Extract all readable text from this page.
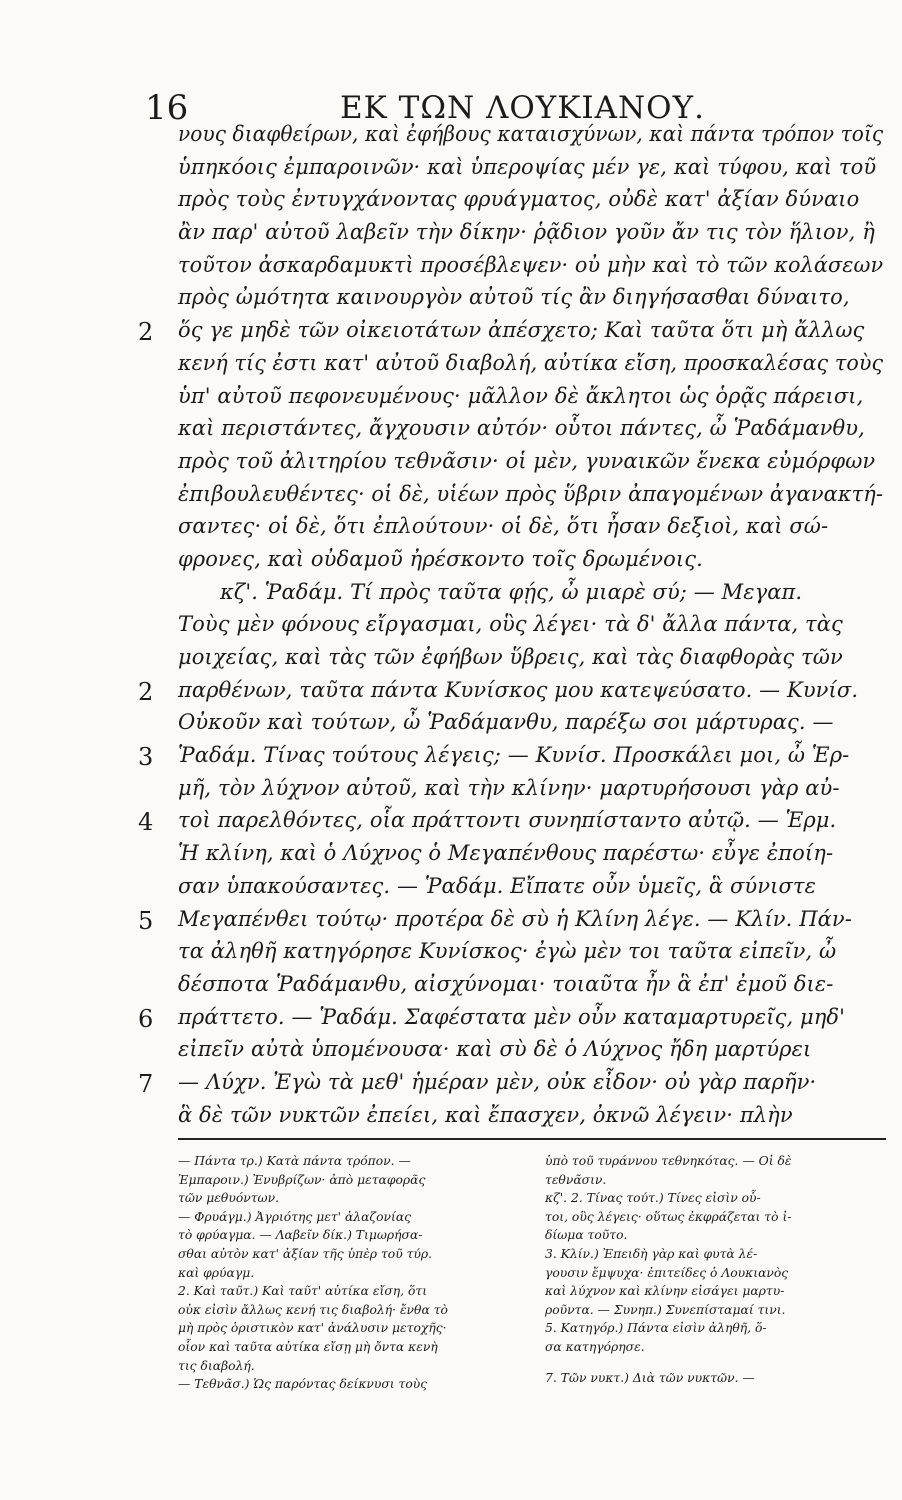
16	ΕΚ ΤΩΝ ΛΟΥΚΙΑΝΟΥ.
νους διαφθείρων, καὶ ἐφήβους καταισχύνων, καὶ πάντα τρόπον τοῖς
ὑπηκόοις ἐμπαροινῶν· καὶ ὑπεροψίας μέν γε, καὶ τύφου, καὶ τοῦ
πρὸς τοὺς ἐντυγχάνοντας φρυάγματος, οὐδὲ κατ' ἀξίαν δύναιο
ἂν παρ' αὐτοῦ λαβεῖν τὴν δίκην· ῥᾷδιον γοῦν ἄν τις τὸν ἥλιον, ἢ
τοῦτον ἀσκαρδαμυκτὶ προσέβλεψεν· οὐ μὴν καὶ τὸ τῶν κολάσεων
πρὸς ὠμότητα καινουργὸν αὐτοῦ τίς ἂν διηγήσασθαι δύναιτο,
2 ὅς γε μηδὲ τῶν οἰκειοτάτων ἀπέσχετο; Καὶ ταῦτα ὅτι μὴ ἄλλως
κενή τίς ἐστι κατ' αὐτοῦ διαβολή, αὐτίκα εἴση, προσκαλέσας τοὺς
ὑπ' αὐτοῦ πεφονευμένους· μᾶλλον δὲ ἄκλητοι ὡς ὁρᾷς πάρεισι,
καὶ περιστάντες, ἄγχουσιν αὐτόν· οὗτοι πάντες, ὦ Ῥαδάμανθυ,
πρὸς τοῦ ἀλιτηρίου τεθνᾶσιν· οἱ μὲν, γυναικῶν ἕνεκα εὐμόρφων
ἐπιβουλευθέντες· οἱ δὲ, υἱέων πρὸς ὕβριν ἀπαγομένων ἀγανακτή-
σαντες· οἱ δὲ, ὅτι ἐπλούτουν· οἱ δὲ, ὅτι ἦσαν δεξιοὶ, καὶ σώ-
φρονες, καὶ οὐδαμοῦ ἠρέσκοντο τοῖς δρωμένοις.
κζ'. Ῥαδάμ. Τί πρὸς ταῦτα φῄς, ὦ μιαρὲ σύ; — Μεγαπ.
Τοὺς μὲν φόνους εἴργασμαι, οὓς λέγει· τὰ δ' ἄλλα πάντα, τὰς
μοιχείας, καὶ τὰς τῶν ἐφήβων ὕβρεις, καὶ τὰς διαφθορὰς τῶν
2 παρθένων, ταῦτα πάντα Κυνίσκος μου κατεψεύσατο. — Κυνίσ.
Οὐκοῦν καὶ τούτων, ὦ Ῥαδάμανθυ, παρέξω σοι μάρτυρας. —
3 Ῥαδάμ. Τίνας τούτους λέγεις; — Κυνίσ. Προσκάλει μοι, ὦ Ἑρ-
μῆ, τὸν λύχνον αὐτοῦ, καὶ τὴν κλίνην· μαρτυρήσουσι γὰρ αὐ-
4 τοὶ παρελθόντες, οἷα πράττοντι συνηπίσταντο αὐτῷ. — Ἑρμ.
Ἡ κλίνη, καὶ ὁ Λύχνος ὁ Μεγαπένθους παρέστω· εὖγε ἐποίη-
σαν ὑπακούσαντες. — Ῥαδάμ. Εἴπατε οὖν ὑμεῖς, ἃ σύνιστε
5 Μεγαπένθει τούτῳ· προτέρα δὲ σὺ ἡ Κλίνη λέγε. — Κλίν. Πάν-
τα ἀληθῆ κατηγόρησε Κυνίσκος· ἐγὼ μὲν τοι ταῦτα εἰπεῖν, ὦ
δέσποτα Ῥαδάμανθυ, αἰσχύνομαι· τοιαῦτα ἦν ἃ ἐπ' ἐμοῦ διε-
6 πράττετο. — Ῥαδάμ. Σαφέστατα μὲν οὖν καταμαρτυρεῖς, μηδ'
εἰπεῖν αὐτὰ ὑπομένουσα· καὶ σὺ δὲ ὁ Λύχνος ἤδη μαρτύρει
7 — Λύχν. Ἐγὼ τὰ μεθ' ἡμέραν μὲν, οὐκ εἶδον· οὐ γὰρ παρῆν·
ἃ δὲ τῶν νυκτῶν ἐπείει, καὶ ἔπασχεν, ὀκνῶ λέγειν· πλὴν
— Πάντα τρ.) Κατὰ πάντα τρόπον. —
Ἐμπαροιν.) Ἐνυβρίζων· ἀπὸ μεταφορᾶς
τῶν μεθυόντων.
— Φρυάγμ.) Ἀγριότης μετ' ἀλαζονίας
τὸ φρύαγμα. — Λαβεῖν δίκ.) Τιμωρήσα-
σθαι αὐτὸν κατ' ἀξίαν τῆς ὑπὲρ τοῦ τύρ.
καὶ φρύαγμ.
2. Καὶ ταῦτ.) Καὶ ταῦτ' αὐτίκα εἴση, ὅτι
οὐκ εἰσὶν ἄλλως κενή τις διαβολή· ἔνθα τὸ
μὴ πρὸς ὁριστικὸν κατ' ἀνάλυσιν μετοχῆς·
οἷον καὶ ταῦτα αὐτίκα εἴσῃ μὴ ὄντα κενὴ
τις διαβολή.
— Τεθνᾶσ.) Ὡς παρόντας δείκνυσι τοὺς
ὑπὸ τοῦ τυράννου τεθνηκότας. — Οἱ δὲ
τεθνᾶσιν.
κζ'. 2. Τίνας τούτ.) Τίνες εἰσὶν οὗ-
τοι, οὓς λέγεις· οὕτως ἐκφράζεται τὸ ἰ-
δίωμα τοῦτο.
3. Κλίν.) Ἐπειδὴ γὰρ καὶ φυτὰ λέ-
γουσιν ἔμψυχα· ἐπιτείδες ὁ Λουκιανὸς
καὶ λύχνον καὶ κλίνην εἰσάγει μαρτυ-
ροῦντα. — Συνηπ.) Συνεπίσταμαί τινι.
5. Κατηγόρ.) Πάντα εἰσὶν ἀληθῆ, ὅ-
σα κατηγόρησε.
7. Τῶν νυκτ.) Διὰ τῶν νυκτῶν. —
